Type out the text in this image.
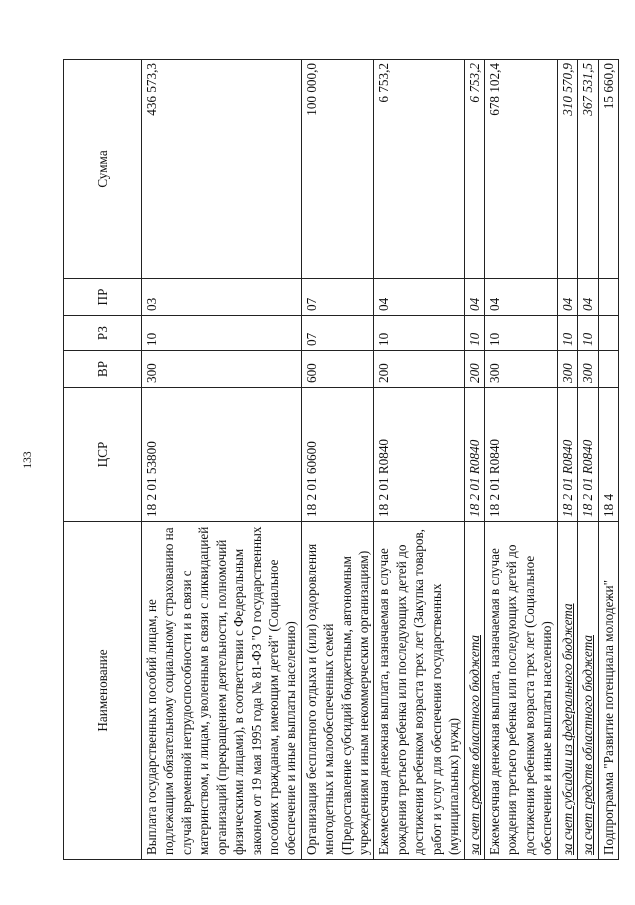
133
Наименование	ЦСР	ВР	РЗ	ПР	Сумма
Выплата государственных пособий лицам, не подлежащим обязательному социальному страхованию на случай временной нетрудоспособности и в связи с материнством, и лицам, уволенным в связи с ликвидацией организаций (прекращением деятельности, полномочий физическими лицами), в соответствии с Федеральным законом от 19 мая 1995 года № 81-ФЗ "О государственных пособиях гражданам, имеющим детей" (Социальное обеспечение и иные выплаты населению)	18 2 01 53800	300	10	03	436 573,3
Организация бесплатного отдыха и (или) оздоровления многодетных и малообеспеченных семей (Предоставление субсидий бюджетным, автономным учреждениям и иным некоммерческим организациям)	18 2 01 60600	600	07	07	100 000,0
Ежемесячная денежная выплата, назначаемая в случае рождения третьего ребенка или последующих детей до достижения ребенком возраста трех лет (Закупка товаров, работ и услуг для обеспечения государственных (муниципальных) нужд)	18 2 01 R0840	200	10	04	6 753,2
за счет средств областного бюджета	18 2 01 R0840	200	10	04	6 753,2
Ежемесячная денежная выплата, назначаемая в случае рождения третьего ребенка или последующих детей до достижения ребенком возраста трех лет (Социальное обеспечение и иные выплаты населению)	18 2 01 R0840	300	10	04	678 102,4
за счет субсидии из федерального бюджета	18 2 01 R0840	300	10	04	310 570,9
за счет средств областного бюджета	18 2 01 R0840	300	10	04	367 531,5
Подпрограмма "Развитие потенциала молодежи"	18 4				15 660,0
